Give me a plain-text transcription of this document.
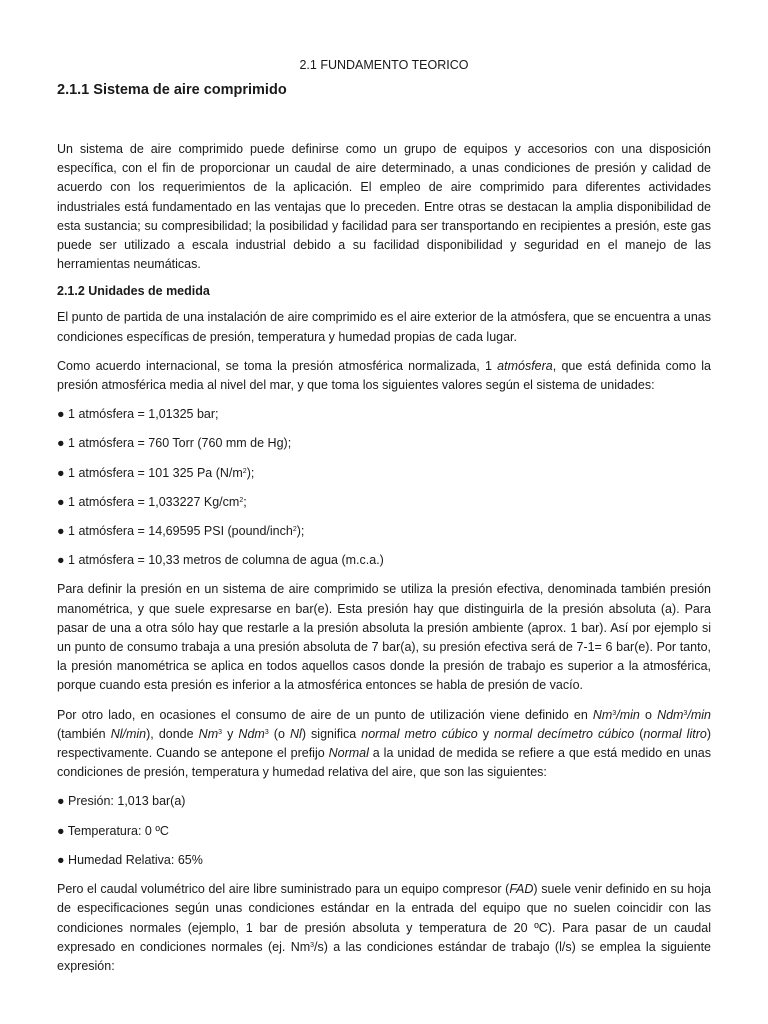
2.1 FUNDAMENTO TEORICO
2.1.1 Sistema de aire comprimido

Un sistema de aire comprimido puede definirse como un grupo de equipos y accesorios con una disposición específica, con el fin de proporcionar un caudal de aire determinado, a unas condiciones de presión y calidad de acuerdo con los requerimientos de la aplicación. El empleo de aire comprimido para diferentes actividades industriales está fundamentado en las ventajas que lo preceden. Entre otras se destacan la amplia disponibilidad de esta sustancia; su compresibilidad; la posibilidad y facilidad para ser transportando en recipientes a presión, este gas puede ser utilizado a escala industrial debido a su facilidad disponibilidad y seguridad en el manejo de las herramientas neumáticas.

2.1.2 Unidades de medida

El punto de partida de una instalación de aire comprimido es el aire exterior de la atmósfera, que se encuentra a unas condiciones específicas de presión, temperatura y humedad propias de cada lugar.

Como acuerdo internacional, se toma la presión atmosférica normalizada, 1 atmósfera, que está definida como la presión atmosférica media al nivel del mar, y que toma los siguientes valores según el sistema de unidades:

● 1 atmósfera = 1,01325 bar;

● 1 atmósfera = 760 Torr (760 mm de Hg);

● 1 atmósfera = 101 325 Pa $(N/m^2)$;

● 1 atmósfera = 1,033227 $Kg/cm^2$;

● 1 atmósfera = 14,69595 PSI (pound/inch$^2$);

● 1 atmósfera = 10,33 metros de columna de agua (m.c.a.)

Para definir la presión en un sistema de aire comprimido se utiliza la presión efectiva, denominada también presión manométrica, y que suele expresarse en bar(e). Esta presión hay que distinguirla de la presión absoluta (a). Para pasar de una a otra sólo hay que restarle a la presión absoluta la presión ambiente (aprox. 1 bar). Así por ejemplo si un punto de consumo trabaja a una presión absoluta de 7 bar(a), su presión efectiva será de 7-1= 6 bar(e). Por tanto, la presión manométrica se aplica en todos aquellos casos donde la presión de trabajo es superior a la atmosférica, porque cuando esta presión es inferior a la atmosférica entonces se habla de presión de vacío.

Por otro lado, en ocasiones el consumo de aire de un punto de utilización viene definido en Nm$^3$/min o Ndm$^3$/min (también Nl/min), donde Nm$^3$ y Ndm$^3$ (o Nl) significa normal metro cúbico y normal decímetro cúbico (normal litro) respectivamente. Cuando se antepone el prefijo Normal a la unidad de medida se refiere a que está medido en unas condiciones de presión, temperatura y humedad relativa del aire, que son las siguientes:

● Presión: 1,013 bar(a)

● Temperatura: 0 ºC

● Humedad Relativa: 65%

Pero el caudal volumétrico del aire libre suministrado para un equipo compresor (FAD) suele venir definido en su hoja de especificaciones según unas condiciones estándar en la entrada del equipo que no suelen coincidir con las condiciones normales (ejemplo, 1 bar de presión absoluta y temperatura de 20 ºC). Para pasar de un caudal expresado en condiciones normales (ej. Nm$^3$/s) a las condiciones estándar de trabajo (l/s) se emplea la siguiente expresión:
